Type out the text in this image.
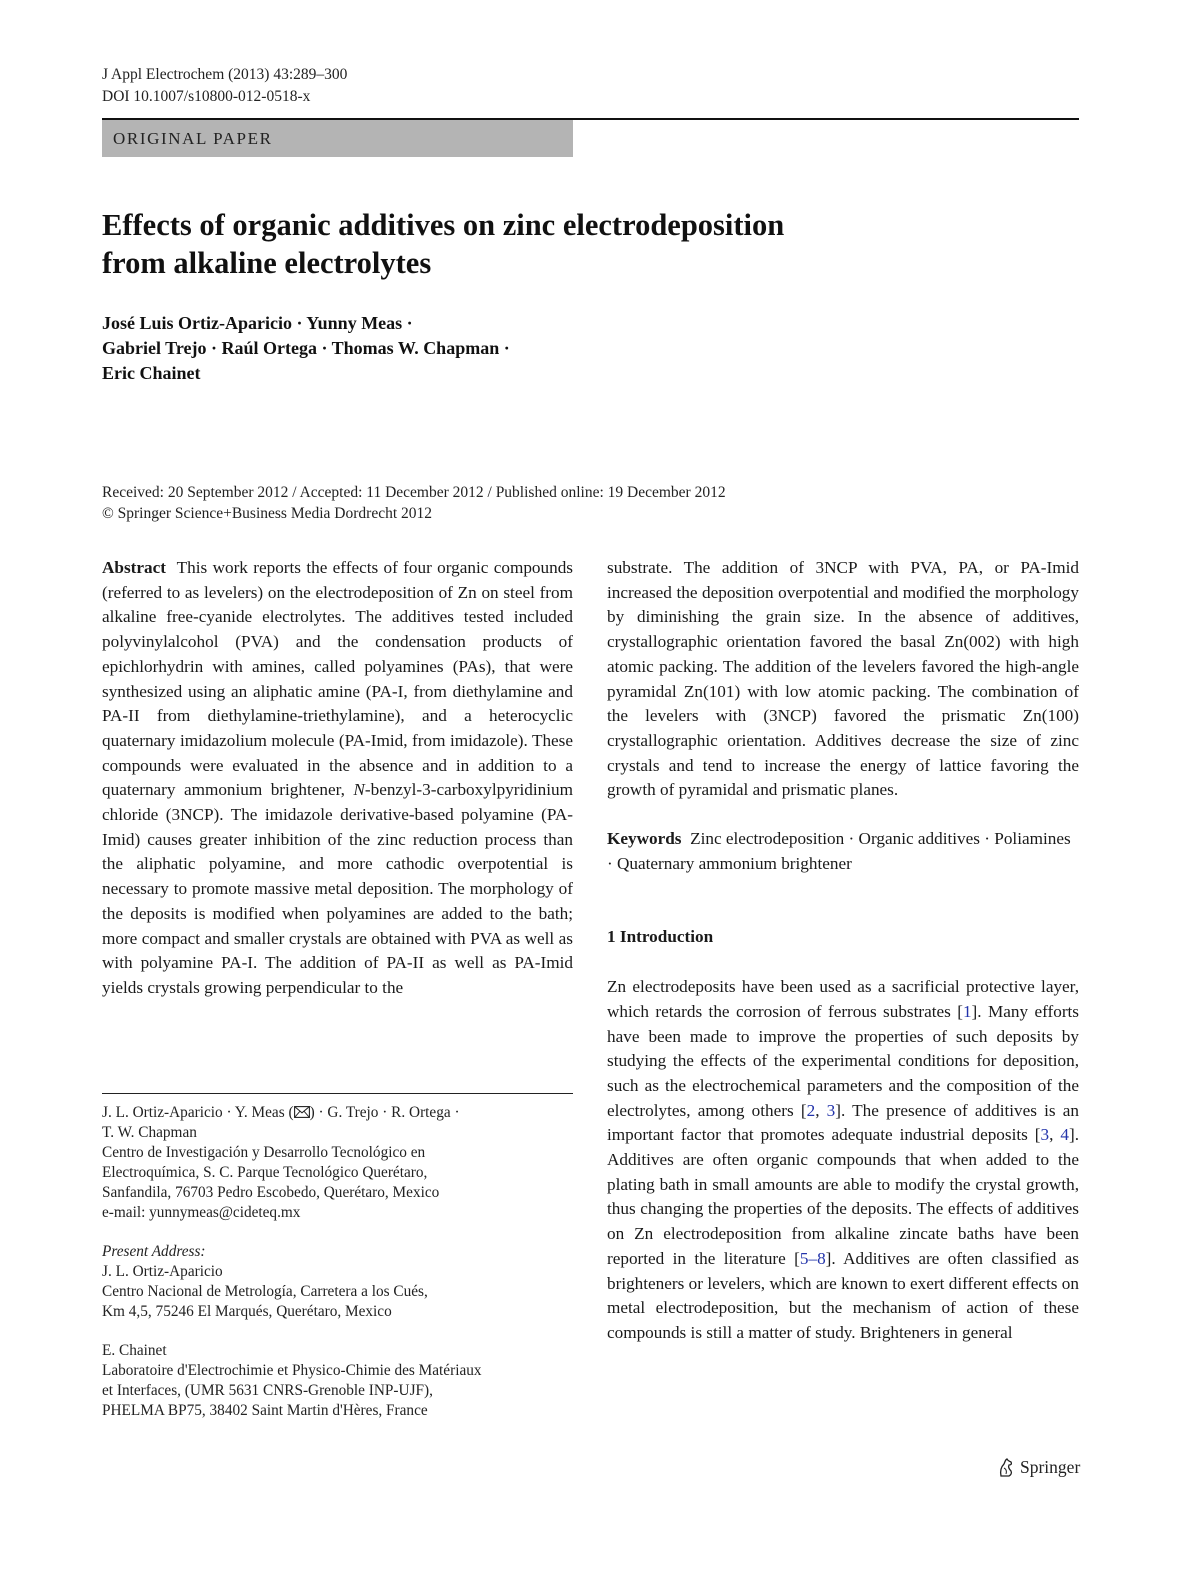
J Appl Electrochem (2013) 43:289–300
DOI 10.1007/s10800-012-0518-x
ORIGINAL PAPER
Effects of organic additives on zinc electrodeposition
from alkaline electrolytes
José Luis Ortiz-Aparicio · Yunny Meas ·
Gabriel Trejo · Raúl Ortega · Thomas W. Chapman ·
Eric Chainet
Received: 20 September 2012 / Accepted: 11 December 2012 / Published online: 19 December 2012
© Springer Science+Business Media Dordrecht 2012

Abstract This work reports the effects of four organic compounds (referred to as levelers) on the electrodeposition of Zn on steel from alkaline free-cyanide electrolytes. The additives tested included polyvinylalcohol (PVA) and the condensation products of epichlorhydrin with amines, called polyamines (PAs), that were synthesized using an aliphatic amine (PA-I, from diethylamine and PA-II from diethylamine-triethylamine), and a heterocyclic quaternary imidazolium molecule (PA-Imid, from imidazole). These compounds were evaluated in the absence and in addition to a quaternary ammonium brightener, N-benzyl-3-carboxylpyridinium chloride (3NCP). The imidazole derivative-based polyamine (PA-Imid) causes greater inhibition of the zinc reduction process than the aliphatic polyamine, and more cathodic overpotential is necessary to promote massive metal deposition. The morphology of the deposits is modified when polyamines are added to the bath; more compact and smaller crystals are obtained with PVA as well as with polyamine PA-I. The addition of PA-II as well as PA-Imid yields crystals growing perpendicular to the

substrate. The addition of 3NCP with PVA, PA, or PA-Imid increased the deposition overpotential and modified the morphology by diminishing the grain size. In the absence of additives, crystallographic orientation favored the basal Zn(002) with high atomic packing. The addition of the levelers favored the high-angle pyramidal Zn(101) with low atomic packing. The combination of the levelers with (3NCP) favored the prismatic Zn(100) crystallographic orientation. Additives decrease the size of zinc crystals and tend to increase the energy of lattice favoring the growth of pyramidal and prismatic planes.

Keywords Zinc electrodeposition · Organic additives · Poliamines · Quaternary ammonium brightener

1 Introduction

Zn electrodeposits have been used as a sacrificial protective layer, which retards the corrosion of ferrous substrates [1]. Many efforts have been made to improve the properties of such deposits by studying the effects of the experimental conditions for deposition, such as the electrochemical parameters and the composition of the electrolytes, among others [2, 3]. The presence of additives is an important factor that promotes adequate industrial deposits [3, 4]. Additives are often organic compounds that when added to the plating bath in small amounts are able to modify the crystal growth, thus changing the properties of the deposits. The effects of additives on Zn electrodeposition from alkaline zincate baths have been reported in the literature [5–8]. Additives are often classified as brighteners or levelers, which are known to exert different effects on metal electrodeposition, but the mechanism of action of these compounds is still a matter of study. Brighteners in general

J. L. Ortiz-Aparicio · Y. Meas ( ) · G. Trejo · R. Ortega ·
T. W. Chapman
Centro de Investigación y Desarrollo Tecnológico en
Electroquímica, S. C. Parque Tecnológico Querétaro,
Sanfandila, 76703 Pedro Escobedo, Querétaro, Mexico
e-mail: yunnymeas@cideteq.mx
Present Address:
J. L. Ortiz-Aparicio
Centro Nacional de Metrología, Carretera a los Cués,
Km 4,5, 75246 El Marqués, Querétaro, Mexico
E. Chainet
Laboratoire d'Electrochimie et Physico-Chimie des Matériaux
et Interfaces, (UMR 5631 CNRS-Grenoble INP-UJF),
PHELMA BP75, 38402 Saint Martin d'Hères, France
Springer
